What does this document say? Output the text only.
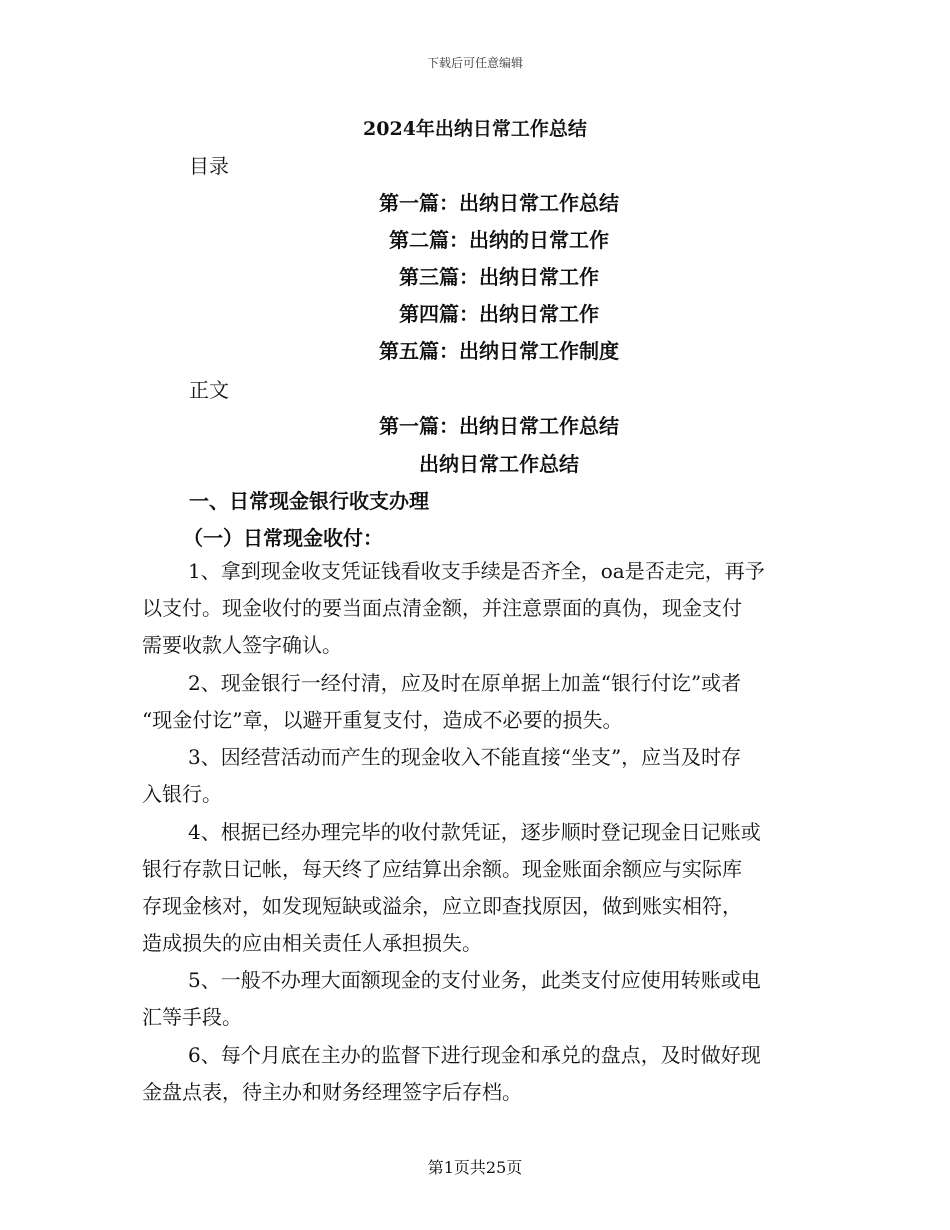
下载后可任意编辑
2024年出纳日常工作总结
目录
第一篇：出纳日常工作总结
第二篇：出纳的日常工作
第三篇：出纳日常工作
第四篇：出纳日常工作
第五篇：出纳日常工作制度
正文
第一篇：出纳日常工作总结
出纳日常工作总结
一、日常现金银行收支办理
（一）日常现金收付：
1、拿到现金收支凭证钱看收支手续是否齐全，oa是否走完，再予
以支付。现金收付的要当面点清金额，并注意票面的真伪，现金支付
需要收款人签字确认。
2、现金银行一经付清，应及时在原单据上加盖“银行付讫”或者
“现金付讫”章，以避开重复支付，造成不必要的损失。
3、因经营活动而产生的现金收入不能直接“坐支”，应当及时存
入银行。
4、根据已经办理完毕的收付款凭证，逐步顺时登记现金日记账或
银行存款日记帐，每天终了应结算出余额。现金账面余额应与实际库
存现金核对，如发现短缺或溢余，应立即查找原因，做到账实相符，
造成损失的应由相关责任人承担损失。
5、一般不办理大面额现金的支付业务，此类支付应使用转账或电
汇等手段。
6、每个月底在主办的监督下进行现金和承兑的盘点，及时做好现
金盘点表，待主办和财务经理签字后存档。
第1页共25页
